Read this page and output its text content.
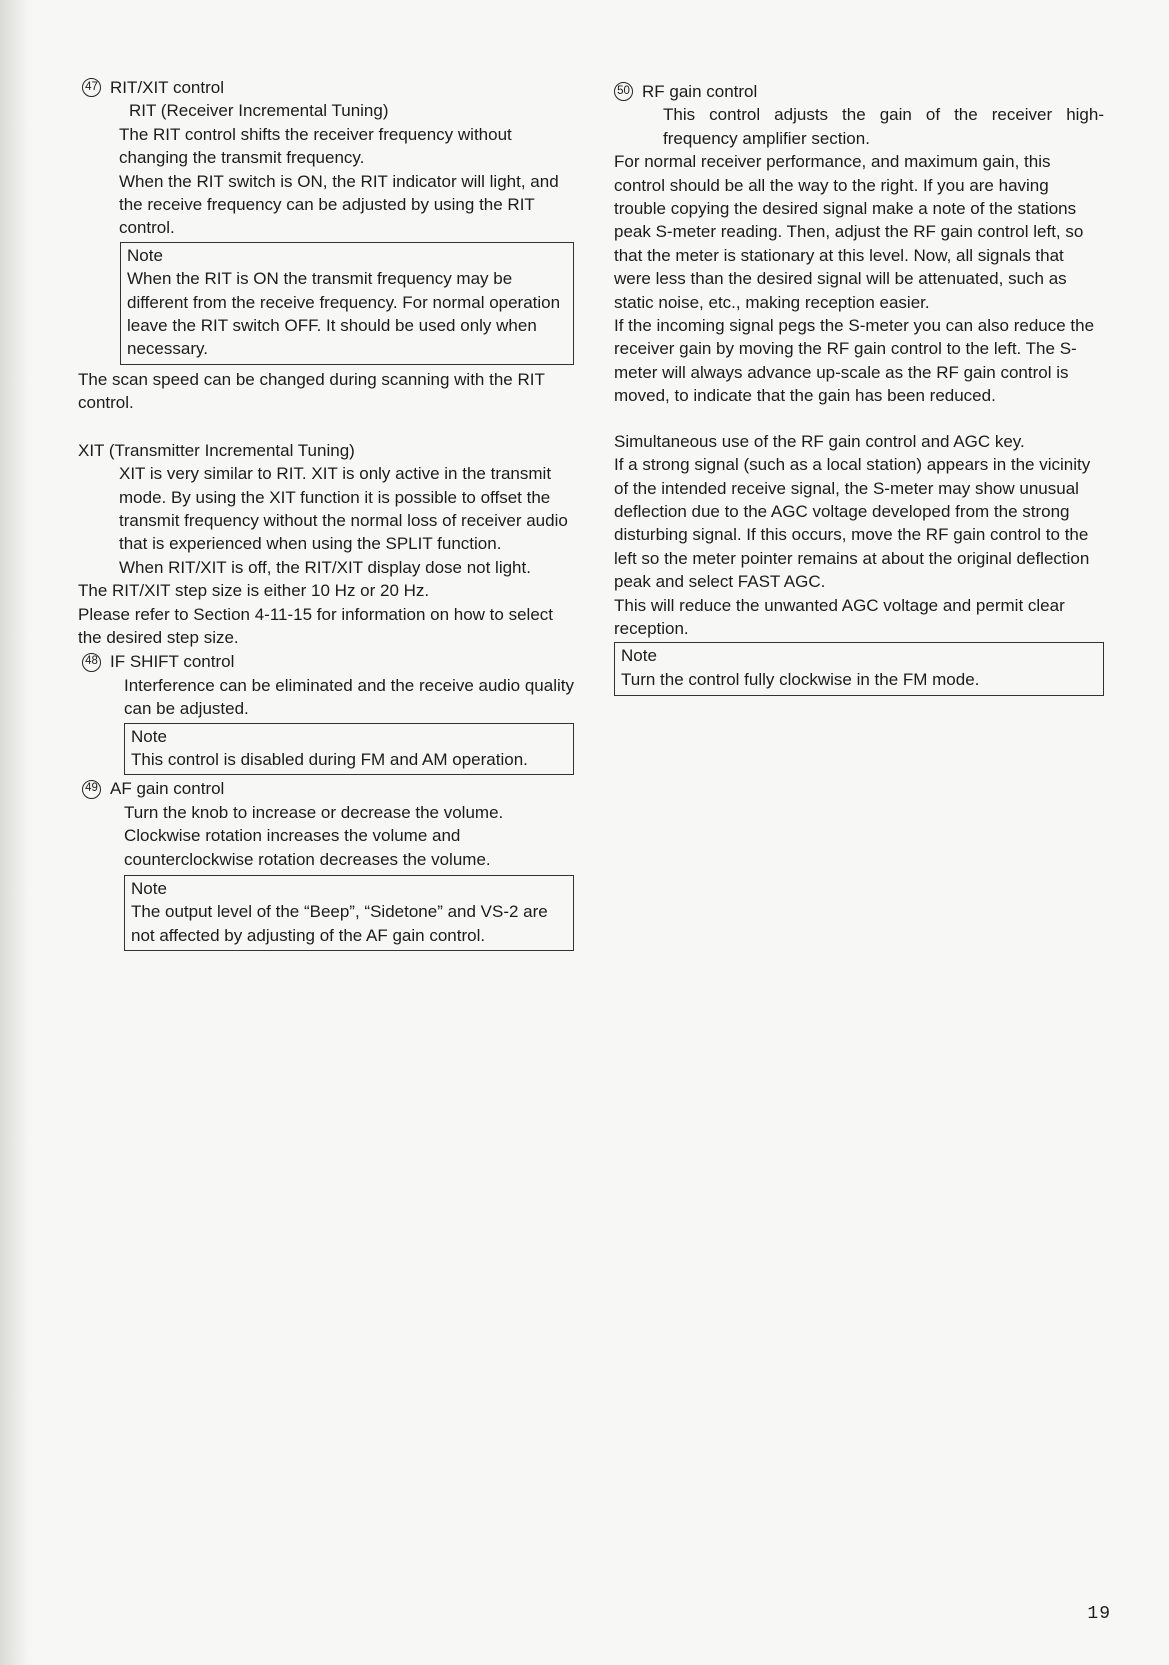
47 RIT/XIT control
RIT (Receiver Incremental Tuning)
The RIT control shifts the receiver frequency without changing the transmit frequency.
When the RIT switch is ON, the RIT indicator will light, and the receive frequency can be adjusted by using the RIT control.
Note
When the RIT is ON the transmit frequency may be different from the receive frequency. For normal operation leave the RIT switch OFF. It should be used only when necessary.
The scan speed can be changed during scanning with the RIT control.
XIT (Transmitter Incremental Tuning)
XIT is very similar to RIT. XIT is only active in the transmit mode. By using the XIT function it is possible to offset the transmit frequency without the normal loss of receiver audio that is experienced when using the SPLIT function.
When RIT/XIT is off, the RIT/XIT display dose not light.
The RIT/XIT step size is either 10 Hz or 20 Hz.
Please refer to Section 4-11-15 for information on how to select the desired step size.
48 IF SHIFT control
Interference can be eliminated and the receive audio quality can be adjusted.
Note
This control is disabled during FM and AM operation.
49 AF gain control
Turn the knob to increase or decrease the volume.
Clockwise rotation increases the volume and counterclockwise rotation decreases the volume.
Note
The output level of the “Beep”, “Sidetone” and VS-2 are not affected by adjusting of the AF gain control.
50 RF gain control
This control adjusts the gain of the receiver high-frequency amplifier section.
For normal receiver performance, and maximum gain, this control should be all the way to the right. If you are having trouble copying the desired signal make a note of the stations peak S-meter reading. Then, adjust the RF gain control left, so that the meter is stationary at this level. Now, all signals that were less than the desired signal will be attenuated, such as static noise, etc., making reception easier.
If the incoming signal pegs the S-meter you can also reduce the receiver gain by moving the RF gain control to the left. The S-meter will always advance up-scale as the RF gain control is moved, to indicate that the gain has been reduced.
Simultaneous use of the RF gain control and AGC key.
If a strong signal (such as a local station) appears in the vicinity of the intended receive signal, the S-meter may show unusual deflection due to the AGC voltage developed from the strong disturbing signal. If this occurs, move the RF gain control to the left so the meter pointer remains at about the original deflection peak and select FAST AGC.
This will reduce the unwanted AGC voltage and permit clear reception.
Note
Turn the control fully clockwise in the FM mode.
19
